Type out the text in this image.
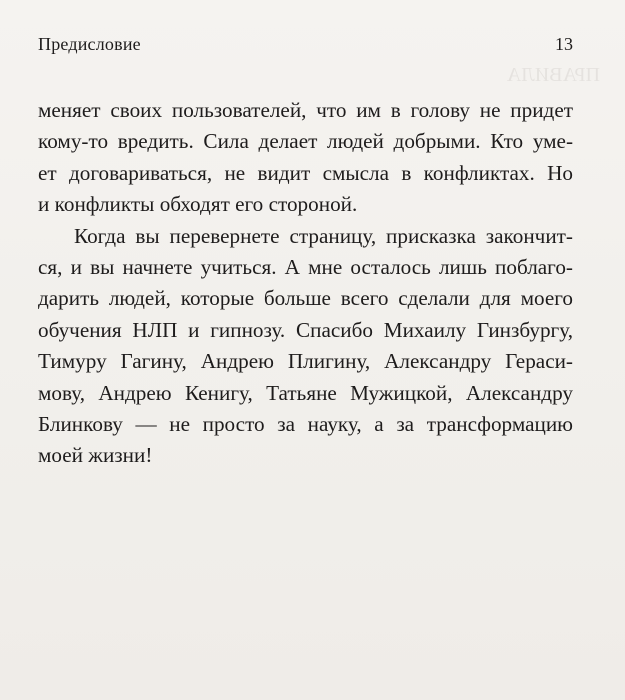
ПРАВИЛА
Предисловие	13
меняет своих пользователей, что им в голову не придет
кому-то вредить. Сила делает людей добрыми. Кто уме-
ет договариваться, не видит смысла в конфликтах. Но
и конфликты обходят его стороной.
Когда вы перевернете страницу, присказка закончит-
ся, и вы начнете учиться. А мне осталось лишь поблаго-
дарить людей, которые больше всего сделали для моего
обучения НЛП и гипнозу. Спасибо Михаилу Гинзбургу,
Тимуру Гагину, Андрею Плигину, Александру Гераси-
мову, Андрею Кенигу, Татьяне Мужицкой, Александру
Блинкову — не просто за науку, а за трансформацию
моей жизни!
